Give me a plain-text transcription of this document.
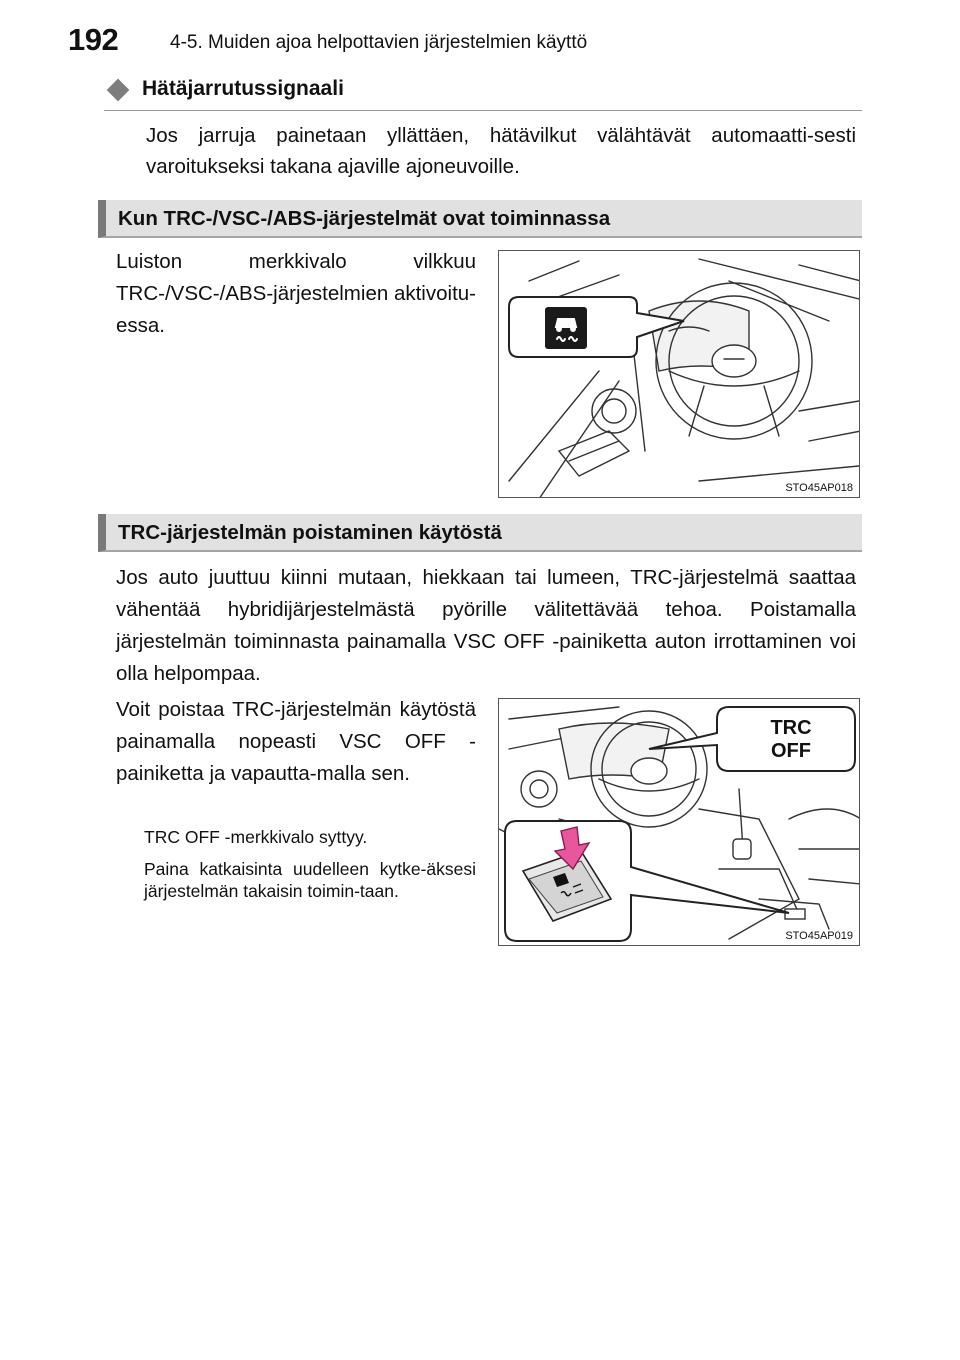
192	4-5. Muiden ajoa helpottavien järjestelmien käyttö
Hätäjarrutussignaali

Jos jarruja painetaan yllättäen, hätävilkut välähtävät automaatti-sesti varoitukseksi takana ajaville ajoneuvoille.

Kun TRC-/VSC-/ABS-järjestelmät ovat toiminnassa

Luiston merkkivalo vilkkuu TRC-/VSC-/ABS-järjestelmien aktivoitu-essa.

STO45AP018
TRC-järjestelmän poistaminen käytöstä

Jos auto juuttuu kiinni mutaan, hiekkaan tai lumeen, TRC-järjestelmä saattaa vähentää hybridijärjestelmästä pyörille välitettävää tehoa. Poistamalla järjestelmän toiminnasta painamalla VSC OFF -painiketta auton irrottaminen voi olla helpompaa.

Voit poistaa TRC-järjestelmän käytöstä painamalla nopeasti VSC OFF -painiketta ja vapautta-malla sen.

TRC OFF -merkkivalo syttyy.

Paina katkaisinta uudelleen kytke-äksesi järjestelmän takaisin toimin-taan.

TRC
OFF
STO45AP019
